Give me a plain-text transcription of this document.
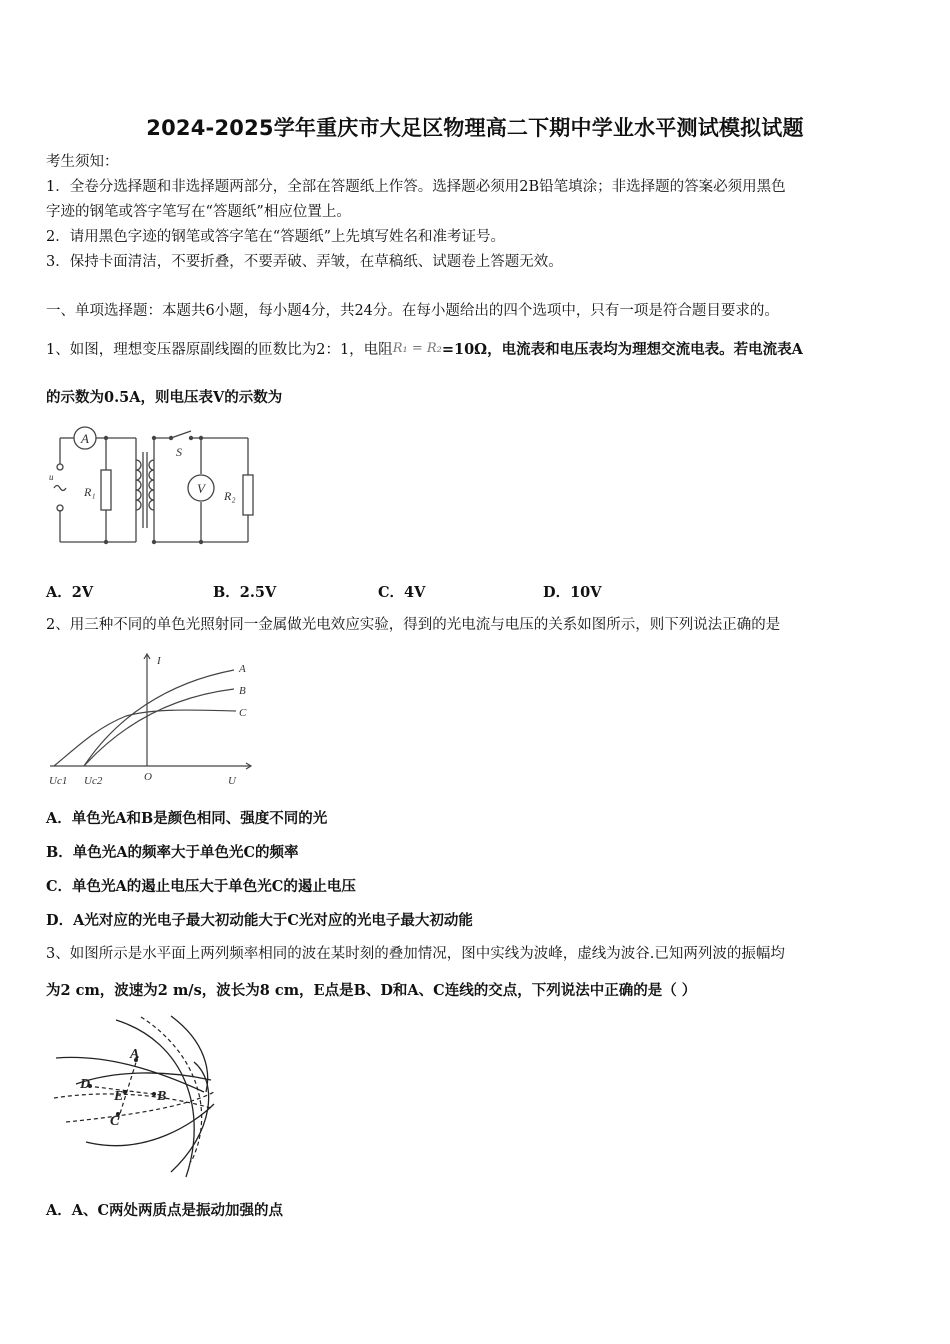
2024-2025学年重庆市大足区物理高二下期中学业水平测试模拟试题
考生须知：
1．全卷分选择题和非选择题两部分，全部在答题纸上作答。选择题必须用2B铅笔填涂；非选择题的答案必须用黑色
字迹的钢笔或答字笔写在“答题纸”相应位置上。
2．请用黑色字迹的钢笔或答字笔在“答题纸”上先填写姓名和准考证号。
3．保持卡面清洁，不要折叠，不要弄破、弄皱，在草稿纸、试题卷上答题无效。
一、单项选择题：本题共6小题，每小题4分，共24分。在每小题给出的四个选项中，只有一项是符合题目要求的。
1、如图，理想变压器原副线圈的匝数比为2：1，电阻R₁ = R₂=10Ω，电流表和电压表均为理想交流电表。若电流表A
的示数为0.5A，则电压表V的示数为
A
u
R₁
S
V R₂
A．2V	B．2.5V	C．4V	D．10V
2、用三种不同的单色光照射同一金属做光电效应实验，得到的光电流与电压的关系如图所示，则下列说法正确的是
I
U
O
Uc1 Uc2
A
B
C
A．单色光A和B是颜色相同、强度不同的光
B．单色光A的频率大于单色光C的频率
C．单色光A的遏止电压大于单色光C的遏止电压
D．A光对应的光电子最大初动能大于C光对应的光电子最大初动能
3、如图所示是水平面上两列频率相同的波在某时刻的叠加情况，图中实线为波峰，虚线为波谷.已知两列波的振幅均
为2 cm，波速为2 m/s，波长为8 cm，E点是B、D和A、C连线的交点，下列说法中正确的是（ ）
A
B
C
D
E
A．A、C两处两质点是振动加强的点
